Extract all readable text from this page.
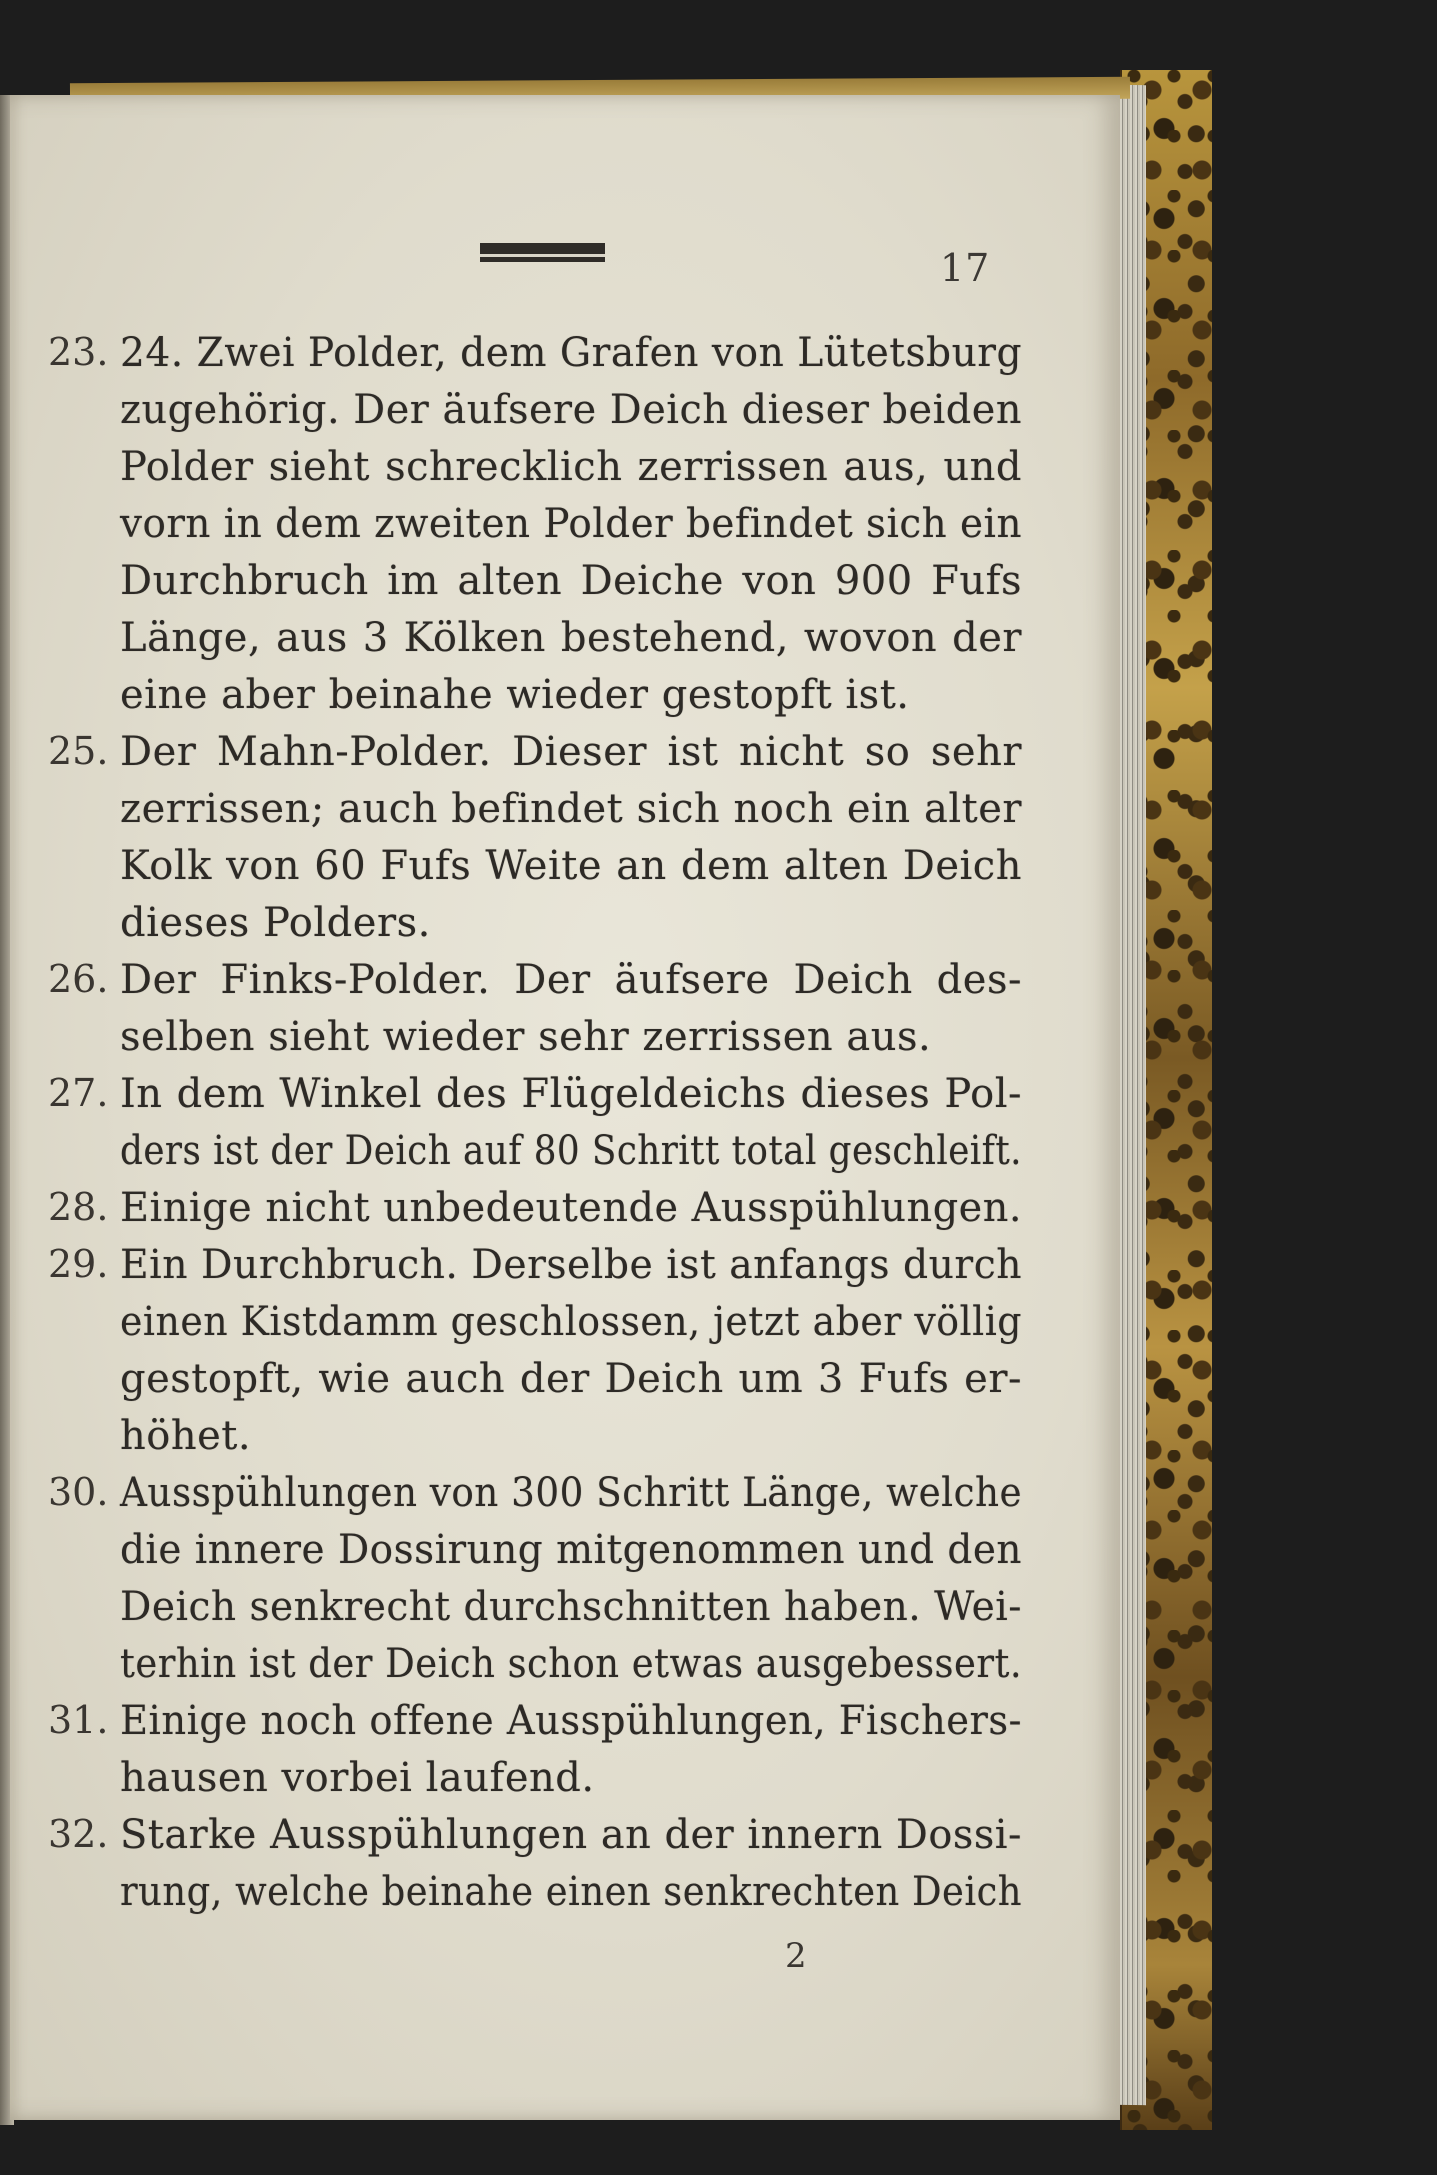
17
23. 24. Zwei Polder, dem Grafen von Lütetsburg
zugehörig. Der äufsere Deich dieser beiden
Polder sieht schrecklich zerrissen aus, und
vorn in dem zweiten Polder befindet sich ein
Durchbruch im alten Deiche von 900 Fufs
Länge, aus 3 Kölken bestehend, wovon der
eine aber beinahe wieder gestopft ist.
25. Der Mahn-Polder. Dieser ist nicht so sehr
zerrissen; auch befindet sich noch ein alter
Kolk von 60 Fufs Weite an dem alten Deich
dieses Polders.
26. Der Finks-Polder. Der äufsere Deich des-
selben sieht wieder sehr zerrissen aus.
27. In dem Winkel des Flügeldeichs dieses Pol-
ders ist der Deich auf 80 Schritt total geschleift.
28. Einige nicht unbedeutende Ausspühlungen.
29. Ein Durchbruch. Derselbe ist anfangs durch
einen Kistdamm geschlossen, jetzt aber völlig
gestopft, wie auch der Deich um 3 Fufs er-
höhet.
30. Ausspühlungen von 300 Schritt Länge, welche
die innere Dossirung mitgenommen und den
Deich senkrecht durchschnitten haben. Wei-
terhin ist der Deich schon etwas ausgebessert.
31. Einige noch offene Ausspühlungen, Fischers-
hausen vorbei laufend.
32. Starke Ausspühlungen an der innern Dossi-
rung, welche beinahe einen senkrechten Deich
2
